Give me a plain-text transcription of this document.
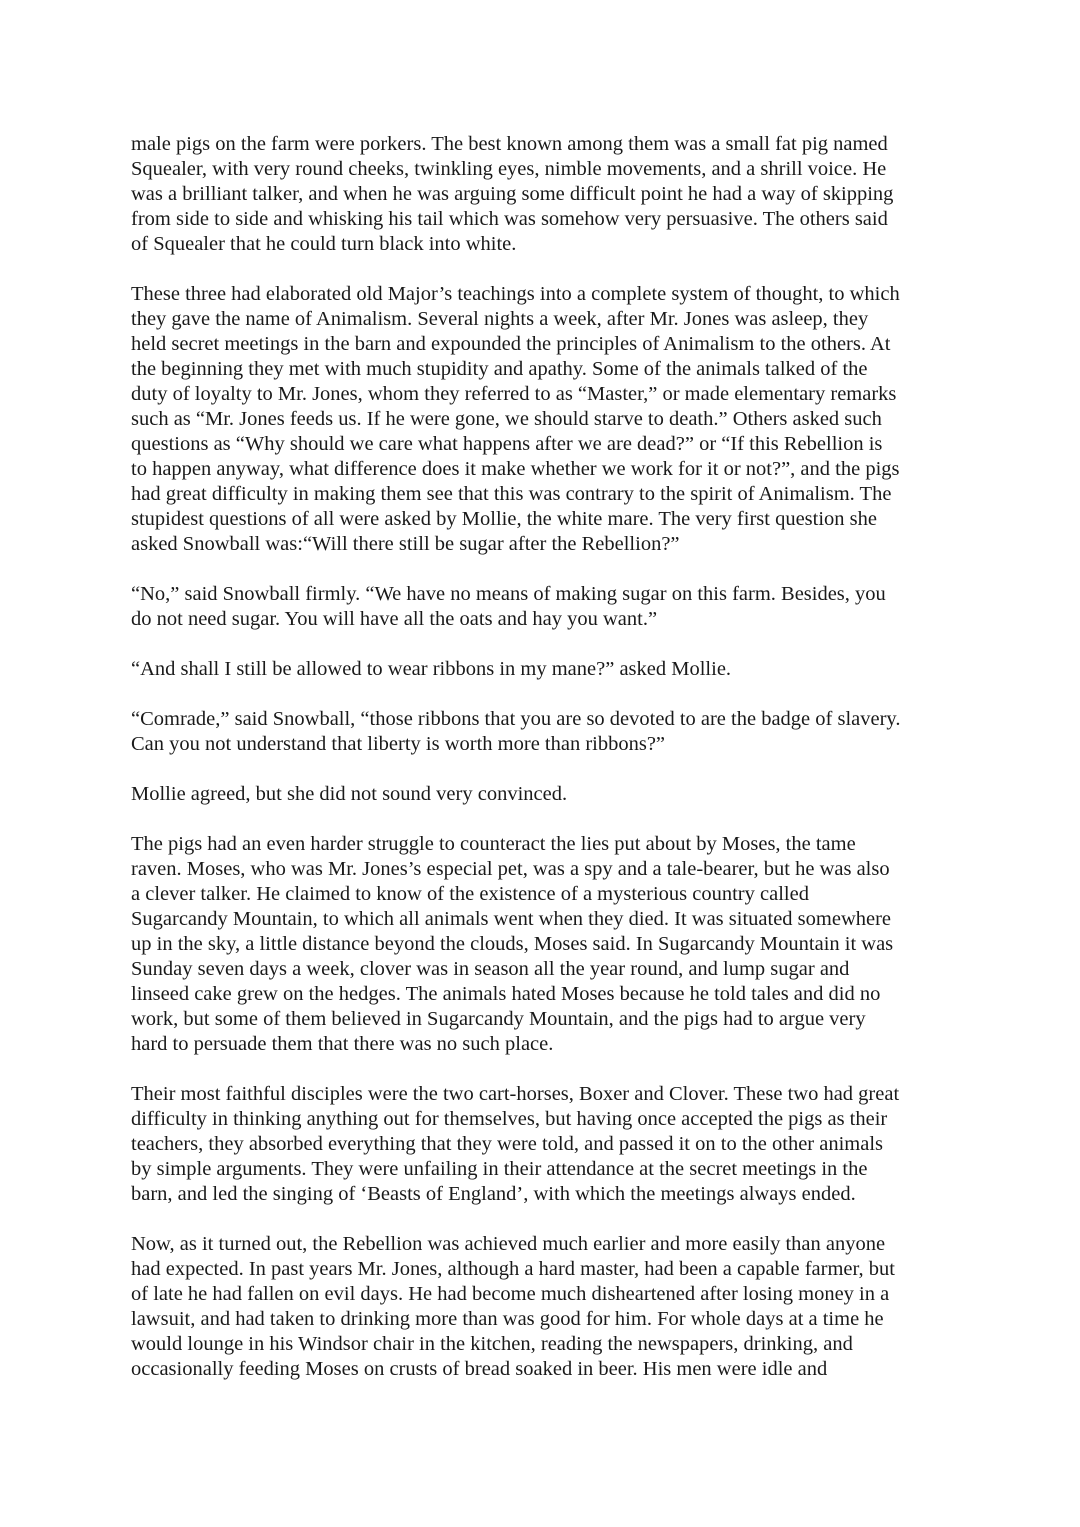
male pigs on the farm were porkers. The best known among them was a small fat pig named
Squealer, with very round cheeks, twinkling eyes, nimble movements, and a shrill voice. He
was a brilliant talker, and when he was arguing some difficult point he had a way of skipping
from side to side and whisking his tail which was somehow very persuasive. The others said
of Squealer that he could turn black into white.
These three had elaborated old Major’s teachings into a complete system of thought, to which
they gave the name of Animalism. Several nights a week, after Mr. Jones was asleep, they
held secret meetings in the barn and expounded the principles of Animalism to the others. At
the beginning they met with much stupidity and apathy. Some of the animals talked of the
duty of loyalty to Mr. Jones, whom they referred to as “Master,” or made elementary remarks
such as “Mr. Jones feeds us. If he were gone, we should starve to death.” Others asked such
questions as “Why should we care what happens after we are dead?” or “If this Rebellion is
to happen anyway, what difference does it make whether we work for it or not?”, and the pigs
had great difficulty in making them see that this was contrary to the spirit of Animalism. The
stupidest questions of all were asked by Mollie, the white mare. The very first question she
asked Snowball was:“Will there still be sugar after the Rebellion?”
“No,” said Snowball firmly. “We have no means of making sugar on this farm. Besides, you
do not need sugar. You will have all the oats and hay you want.”
“And shall I still be allowed to wear ribbons in my mane?” asked Mollie.
“Comrade,” said Snowball, “those ribbons that you are so devoted to are the badge of slavery.
Can you not understand that liberty is worth more than ribbons?”
Mollie agreed, but she did not sound very convinced.
The pigs had an even harder struggle to counteract the lies put about by Moses, the tame
raven. Moses, who was Mr. Jones’s especial pet, was a spy and a tale-bearer, but he was also
a clever talker. He claimed to know of the existence of a mysterious country called
Sugarcandy Mountain, to which all animals went when they died. It was situated somewhere
up in the sky, a little distance beyond the clouds, Moses said. In Sugarcandy Mountain it was
Sunday seven days a week, clover was in season all the year round, and lump sugar and
linseed cake grew on the hedges. The animals hated Moses because he told tales and did no
work, but some of them believed in Sugarcandy Mountain, and the pigs had to argue very
hard to persuade them that there was no such place.
Their most faithful disciples were the two cart-horses, Boxer and Clover. These two had great
difficulty in thinking anything out for themselves, but having once accepted the pigs as their
teachers, they absorbed everything that they were told, and passed it on to the other animals
by simple arguments. They were unfailing in their attendance at the secret meetings in the
barn, and led the singing of ‘Beasts of England’, with which the meetings always ended.
Now, as it turned out, the Rebellion was achieved much earlier and more easily than anyone
had expected. In past years Mr. Jones, although a hard master, had been a capable farmer, but
of late he had fallen on evil days. He had become much disheartened after losing money in a
lawsuit, and had taken to drinking more than was good for him. For whole days at a time he
would lounge in his Windsor chair in the kitchen, reading the newspapers, drinking, and
occasionally feeding Moses on crusts of bread soaked in beer. His men were idle and
